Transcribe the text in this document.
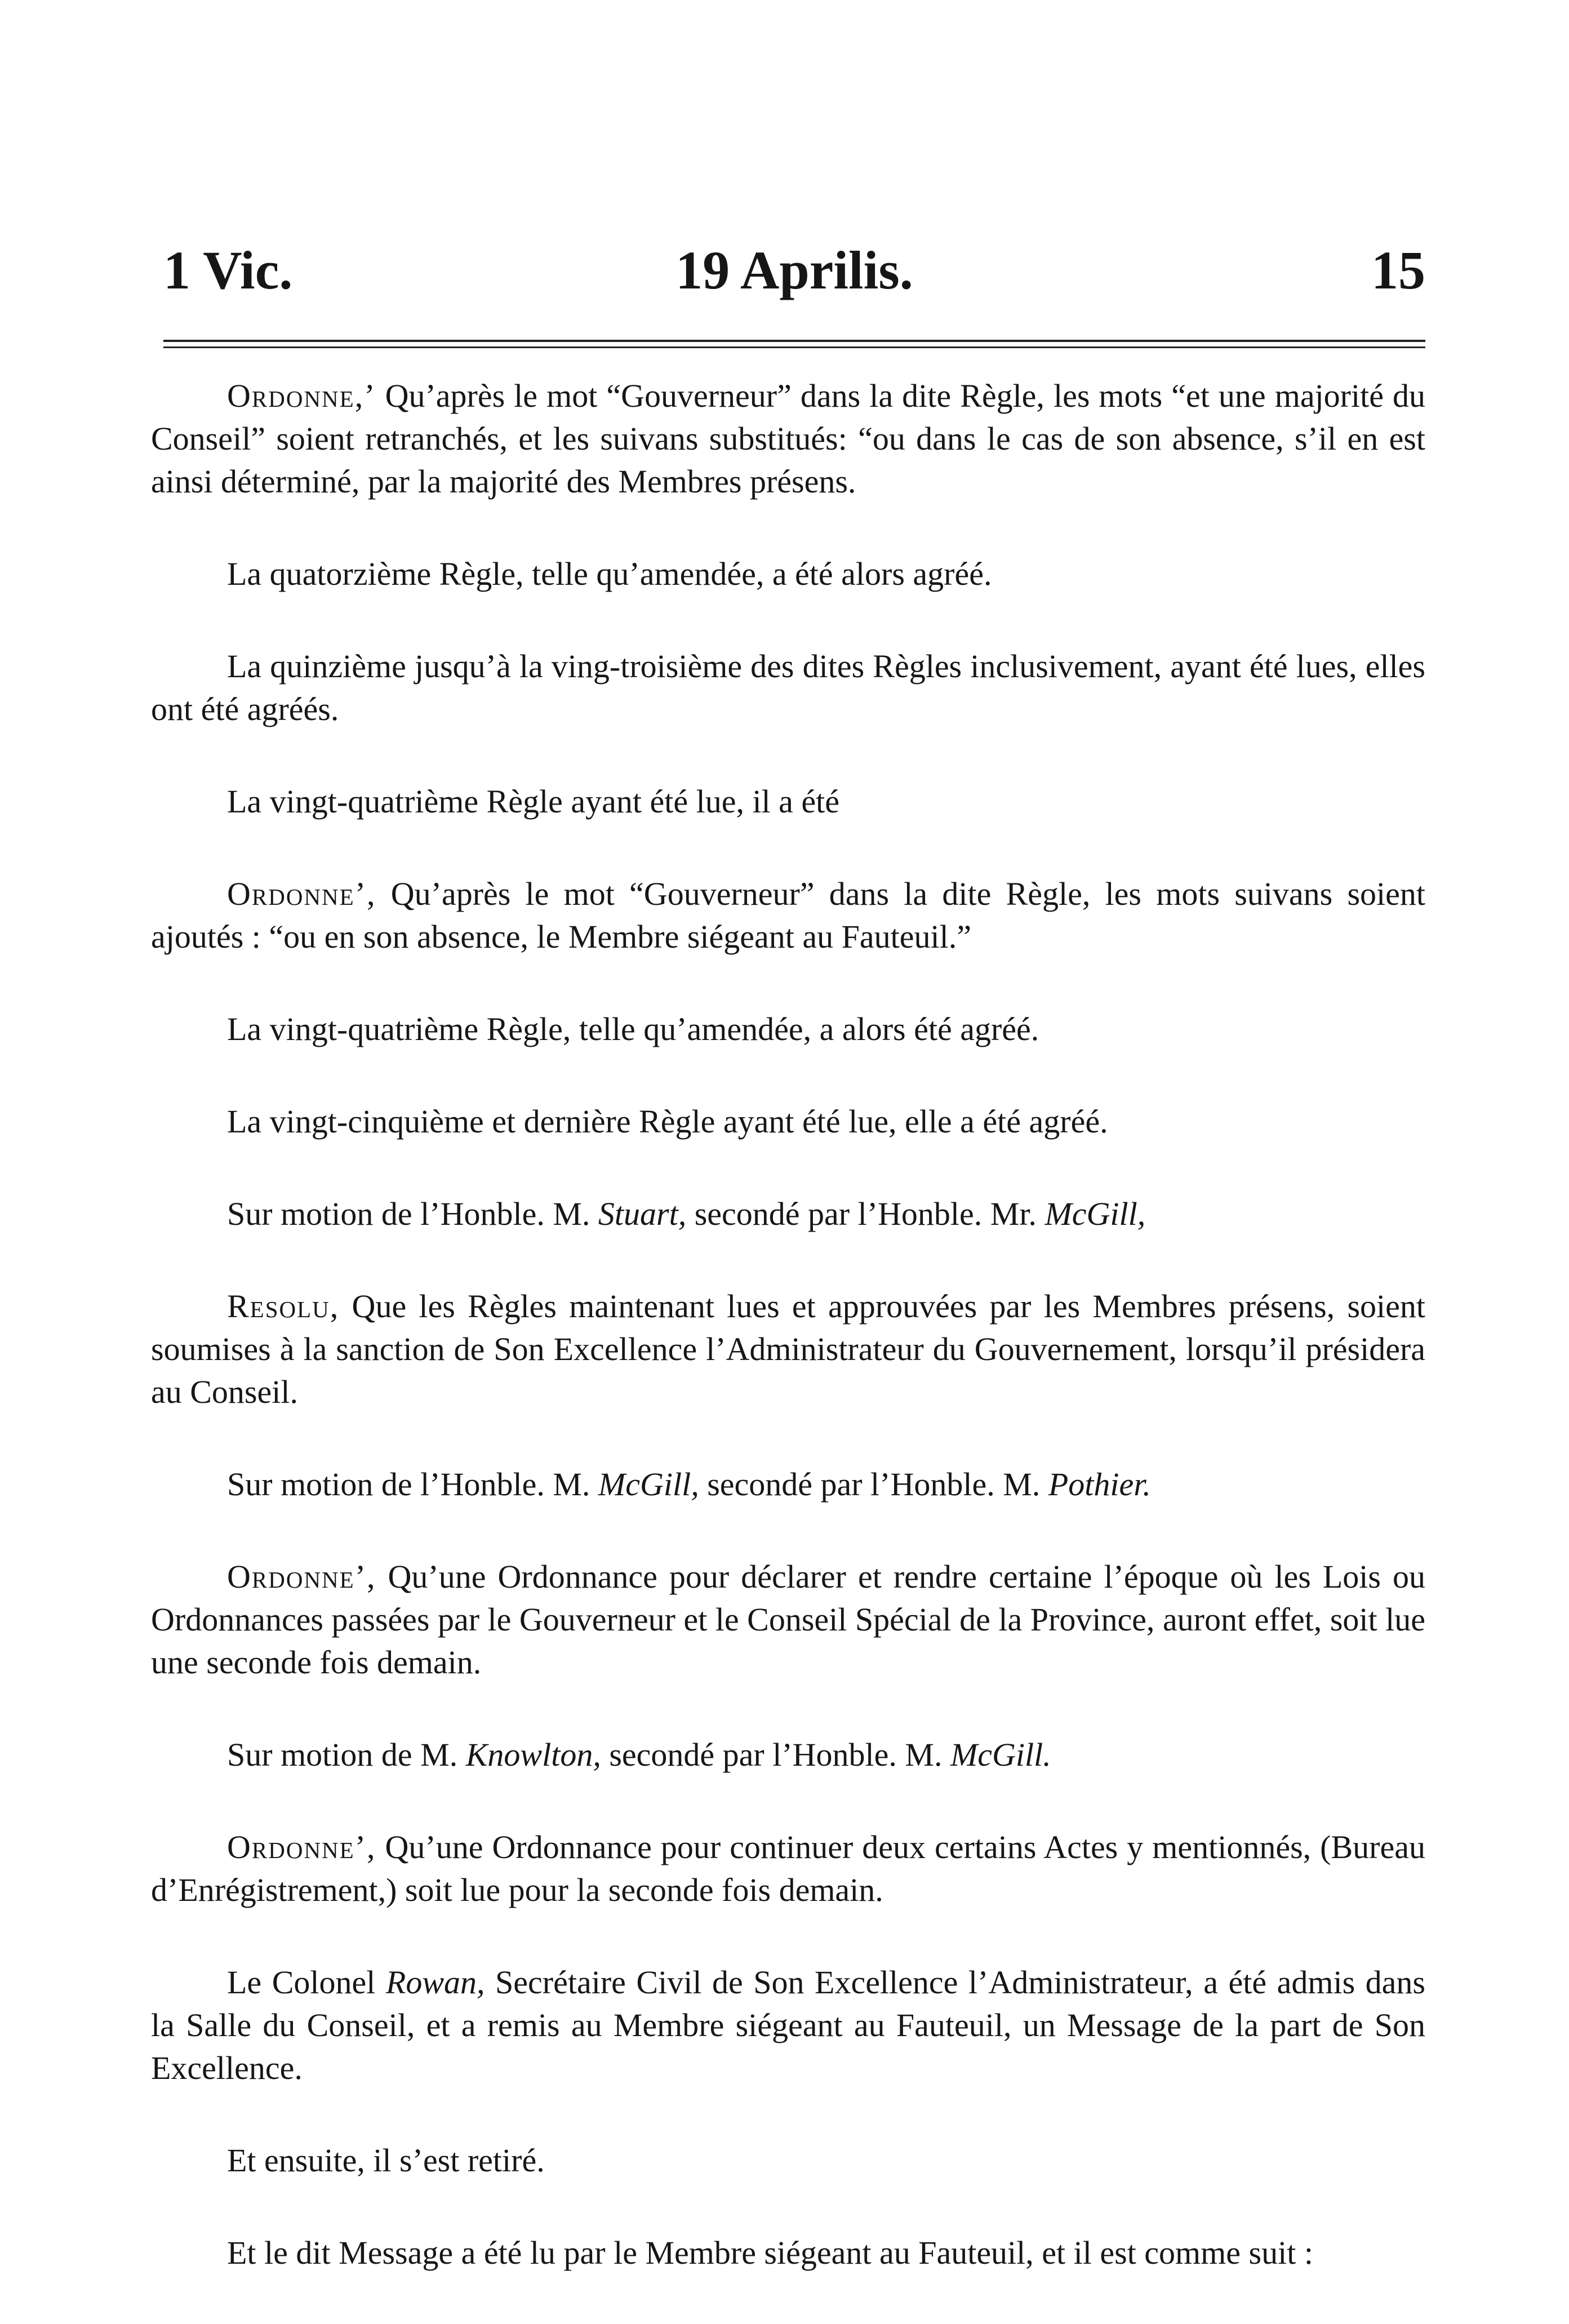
1 Vic.	19 Aprilis.	15

Ordonne,’ Qu’après le mot “Gouverneur” dans la dite Règle, les mots “et une majorité du Conseil” soient retranchés, et les suivans substitués: “ou dans le cas de son absence, s’il en est ainsi déterminé, par la majorité des Membres présens.

La quatorzième Règle, telle qu’amendée, a été alors agréé.

La quinzième jusqu’à la ving-troisième des dites Règles inclusivement, ayant été lues, elles ont été agréés.

La vingt-quatrième Règle ayant été lue, il a été

Ordonne’, Qu’après le mot “Gouverneur” dans la dite Règle, les mots suivans soient ajoutés : “ou en son absence, le Membre siégeant au Fauteuil.”

La vingt-quatrième Règle, telle qu’amendée, a alors été agréé.

La vingt-cinquième et dernière Règle ayant été lue, elle a été agréé.

Sur motion de l’Honble. M. Stuart, secondé par l’Honble. Mr. McGill,

Resolu, Que les Règles maintenant lues et approuvées par les Membres présens, soient soumises à la sanction de Son Excellence l’Administrateur du Gouvernement, lorsqu’il présidera au Conseil.

Sur motion de l’Honble. M. McGill, secondé par l’Honble. M. Pothier.

Ordonne’, Qu’une Ordonnance pour déclarer et rendre certaine l’époque où les Lois ou Ordonnances passées par le Gouverneur et le Conseil Spécial de la Province, auront effet, soit lue une seconde fois demain.

Sur motion de M. Knowlton, secondé par l’Honble. M. McGill.

Ordonne’, Qu’une Ordonnance pour continuer deux certains Actes y mentionnés, (Bureau d’Enrégistrement,) soit lue pour la seconde fois demain.

Le Colonel Rowan, Secrétaire Civil de Son Excellence l’Administrateur, a été admis dans la Salle du Conseil, et a remis au Membre siégeant au Fauteuil, un Message de la part de Son Excellence.

Et ensuite, il s’est retiré.

Et le dit Message a été lu par le Membre siégeant au Fauteuil, et il est comme suit :
